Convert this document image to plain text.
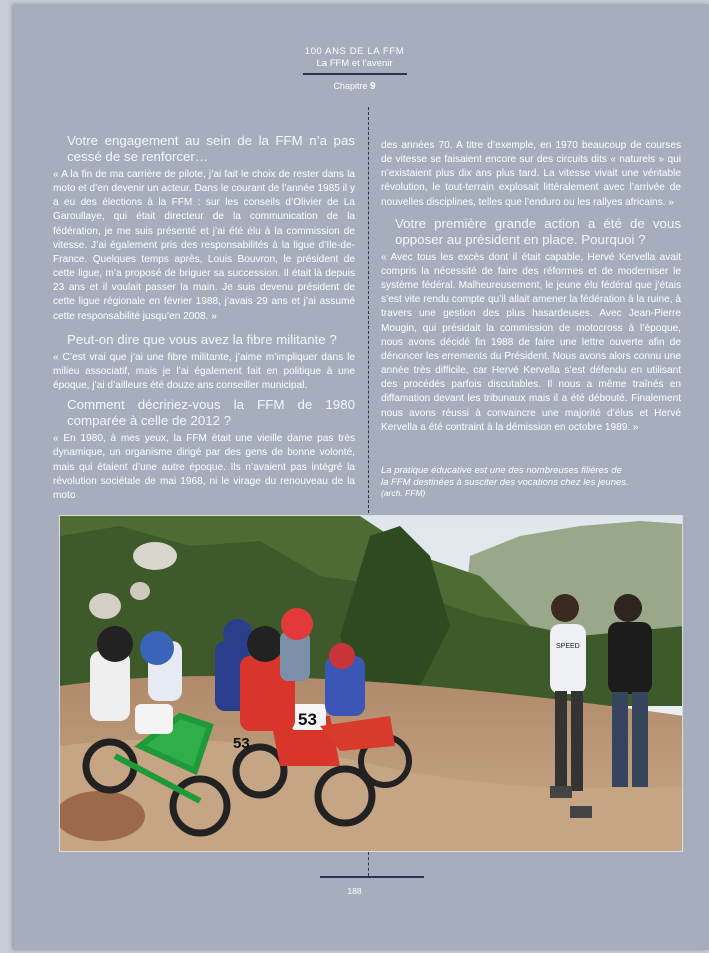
100 ANS DE LA FFM
La FFM et l’avenir
Chapitre 9
Votre engagement au sein de la FFM n’a pas cessé de se renforcer…

« A la fin de ma carrière de pilote, j’ai fait le choix de rester dans la moto et d’en devenir un acteur. Dans le courant de l’année 1985 il y a eu des élections à la FFM : sur les conseils d’Olivier de La Garoullaye, qui était directeur de la communication de la fédération, je me suis présenté et j’ai été élu à la commission de vitesse. J’ai également pris des responsabilités à la ligue d’Ile-de-France. Quelques temps après, Louis Bouvron, le président de cette ligue, m’a proposé de briguer sa succession. Il était là depuis 23 ans et il voulait passer la main. Je suis devenu président de cette ligue régionale en février 1988, j’avais 29 ans et j’ai assumé cette responsabilité jusqu’en 2008. »

Peut-on dire que vous avez la fibre militante ?

« C’est vrai que j’ai une fibre militante, j’aime m’impliquer dans le milieu associatif, mais je l’ai également fait en politique à une époque, j’ai d’ailleurs été douze ans conseiller municipal.

Comment décririez-vous la FFM de 1980 comparée à celle de 2012 ?

« En 1980, à mes yeux, la FFM était une vieille dame pas très dynamique, un organisme dirigé par des gens de bonne volonté, mais qui étaient d’une autre époque. Ils n’avaient pas intégré la révolution sociétale de mai 1968, ni le virage du renouveau de la moto

des années 70. A titre d’exemple, en 1970 beaucoup de courses de vitesse se faisaient encore sur des circuits dits « naturels » qui n’existaient plus dix ans plus tard. La vitesse vivait une véritable révolution, le tout-terrain explosait littéralement avec l’arrivée de nouvelles disciplines, telles que l’enduro ou les rallyes africains. »

Votre première grande action a été de vous opposer au président en place. Pourquoi ?

« Avec tous les excès dont il était capable, Hervé Kervella avait compris la nécessité de faire des réformes et de moderniser le système fédéral. Malheureusement, le jeune élu fédéral que j’étais s’est vite rendu compte qu’il allait amener la fédération à la ruine, à travers une gestion des plus hasardeuses. Avec Jean-Pierre Mougin, qui présidait la commission de motocross à l’époque, nous avons décidé fin 1988 de faire une lettre ouverte afin de dénoncer les errements du Président. Nous avons alors connu une année très difficile, car Hervé Kervella s’est défendu en utilisant des procédés parfois discutables. Il nous a même traînés en diffamation devant les tribunaux mais il a été débouté. Finalement nous avons réussi à convaincre une majorité d’élus et Hervé Kervella a été contraint à la démission en octobre 1989. »

La pratique éducative est une des nombreuses filières de la FFM destinées à susciter des vocations chez les jeunes. (arch. FFM)
53
53
SPEED
188
